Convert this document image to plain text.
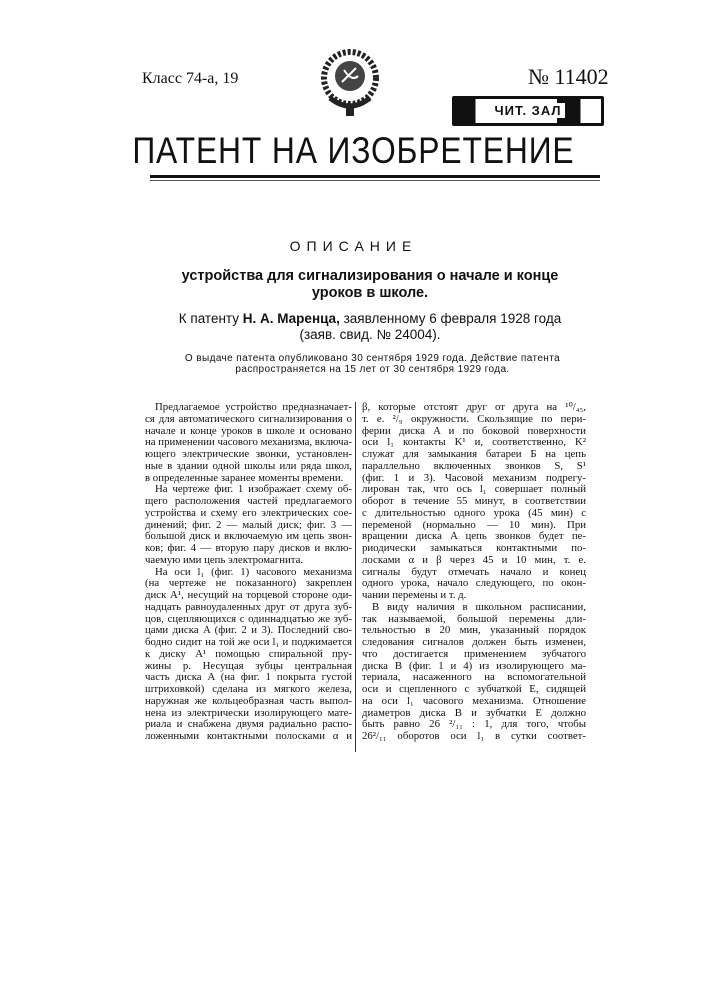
Класс 74-а, 19	№ 11402
ЧИТ. ЗАЛ
ПАТЕНТ НА ИЗОБРЕТЕНИЕ
ОПИСАНИЕ
устройства для сигнализирования о начале и конце уроков в школе.
К патенту Н. А. Маренца, заявленному 6 февраля 1928 года (заяв. свид. № 24004).
О выдаче патента опубликовано 30 сентября 1929 года. Действие патента распространяется на 15 лет от 30 сентября 1929 года.
Предлагаемое устройство предназначает-
ся для автоматического сигнализирования о
начале и конце уроков в школе и основано
на применении часового механизма, включа-
ющего электрические звонки, установлен-
ные в здании одной школы или ряда школ,
в определенные заранее моменты времени.
На чертеже фиг. 1 изображает схему об-
щего расположения частей предлагаемого
устройства и схему его электрических сое-
динений; фиг. 2 — малый диск; фиг. 3 —
большой диск и включаемую им цепь звон-
ков; фиг. 4 — вторую пару дисков и вклю-
чаемую ими цепь электромагнита.
На оси l₁ (фиг. 1) часового механизма
(на чертеже не показанного) закреплен
диск A¹, несущий на торцевой стороне оди-
надцать равноудаленных друг от друга зуб-
цов, сцепляющихся с одиннадцатью же зуб-
цами диска A (фиг. 2 и 3). Последний сво-
бодно сидит на той же оси l₁ и поджимается
к диску A¹ помощью спиральной пру-
жины p. Несущая зубцы центральная
часть диска A (на фиг. 1 покрыта густой
штриховкой) сделана из мягкого железа,
наружная же кольцеобразная часть выпол-
нена из электрически изолирующего мате-
риала и снабжена двумя радиально распо-
ложенными контактными полосками α и
β, которые отстоят друг от друга на ¹⁰/₄₅,
т. е. ²/₉ окружности. Скользящие по пери-
ферии диска A и по боковой поверхности
оси l₁ контакты K¹ и, соответственно, K²
служат для замыкания батареи Б на цепь
параллельно включенных звонков S, S¹
(фиг. 1 и 3). Часовой механизм подрегу-
лирован так, что ось l₁ совершает полный
оборот в течение 55 минут, в соответствии
с длительностью одного урока (45 мин) с
переменой (нормально — 10 мин). При
вращении диска A цепь звонков будет пе-
риодически замыкаться контактными по-
лосками α и β через 45 и 10 мин, т. е.
сигналы будут отмечать начало и конец
одного урока, начало следующего, по окон-
чании перемены и т. д.
В виду наличия в школьном расписании,
так называемой, большой перемены дли-
тельностью в 20 мин, указанный порядок
следования сигналов должен быть изменен,
что достигается применением зубчатого
диска B (фиг. 1 и 4) из изолирующего ма-
териала, насаженного на вспомогательной
оси и сцепленного с зубчаткой E, сидящей
на оси l₁ часового механизма. Отношение
диаметров диска B и зубчатки E должно
быть равно 26 ²/₁₁ : 1, для того, чтобы
26²/₁₁ оборотов оси l₁ в сутки соответ-
